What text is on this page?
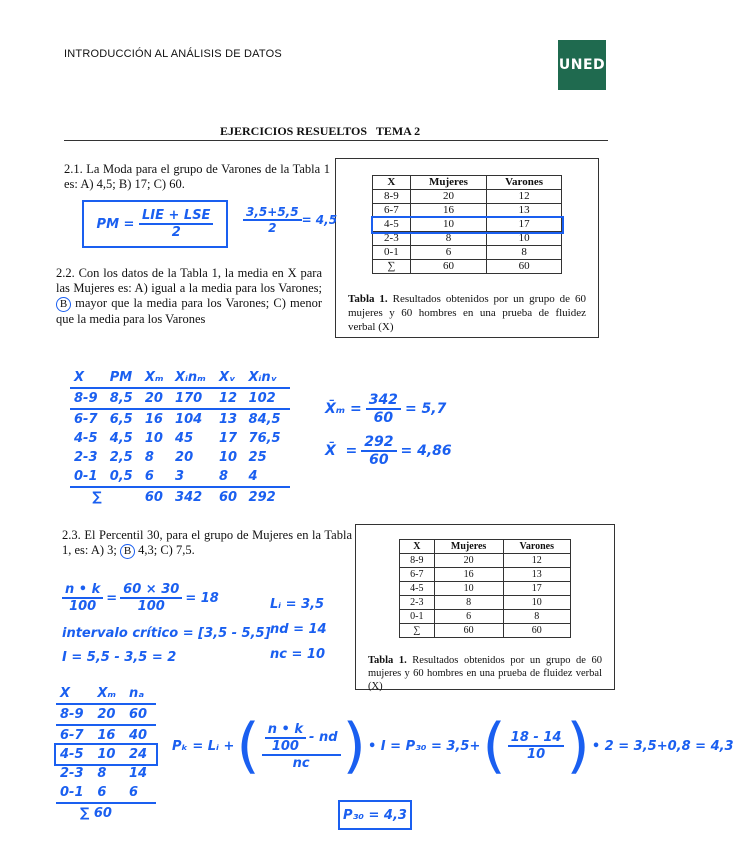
INTRODUCCIÓN AL ANÁLISIS DE DATOS
UNED
EJERCICIOS RESUELTOS   TEMA 2
2.1. La Moda para el grupo de Varones de la Tabla 1 es: A) 4,5; B) 17; C) 60.	X	Mujeres	Varones
8-9	20	12
6-7	16	13
4-5	10	17
2-3	8	10
0-1	6	8
∑	60	60
Tabla 1. Resultados obtenidos por un grupo de 60 mujeres y 60 hombres en una prueba de fluidez verbal (X)
PM =
$\frac{\text{LIE + LSE}}{2} \frac{3,5+5,5}{2} = 4,5$
2.2. Con los datos de la Tabla 1, la media en X para las Mujeres es: A) igual a la media para los Varones; B mayor que la media para los Varones; C) menor que la media para los Varones
X	PM	Xₘ	Xᵢnₘ	Xᵥ	Xᵢnᵥ
8-9	8,5	20	170	12	102
6-7	6,5	16	104	13	84,5
4-5	4,5	10	45	17	76,5
2-3	2,5	8	20	10	25
0-1	0,5	6	3	8	4
∑		60	342	60	292
X̄ₘ = $\frac{342}{60} = 5,7$
X̄  = $\frac{292}{60} = 4,86$
2.3. El Percentil 30, para el grupo de Mujeres en la Tabla 1, es: A) 3; B 4,3; C) 7,5.	X	Mujeres	Varones
8-9	20	12
6-7	16	13
4-5	10	17
2-3	8	10
0-1	6	8
∑	60	60
Tabla 1. Resultados obtenidos por un grupo de 60 mujeres y 60 hombres en una prueba de fluidez verbal (X)
$\frac{n • k}{100} = \frac{60 \times 30}{100} = 18$
intervalo crítico = [3,5 - 5,5]
I = 5,5 - 3,5 = 2
Lᵢ = 3,5
nd = 14
nc = 10
X	Xₘ	nₐ
8-9	20	60
6-7	16	40
4-5	10	24
2-3	8	14
0-1	6	6
∑ 60		
Pₖ = Lᵢ + ( $\frac{\frac{n • k}{100} - nd}{nc}$ ) • I = P₃₀ = 3,5+ ( $\frac{18 - 14}{10}$ ) • 2 = 3,5+0,8 = 4,3
P₃₀ = 4,3
